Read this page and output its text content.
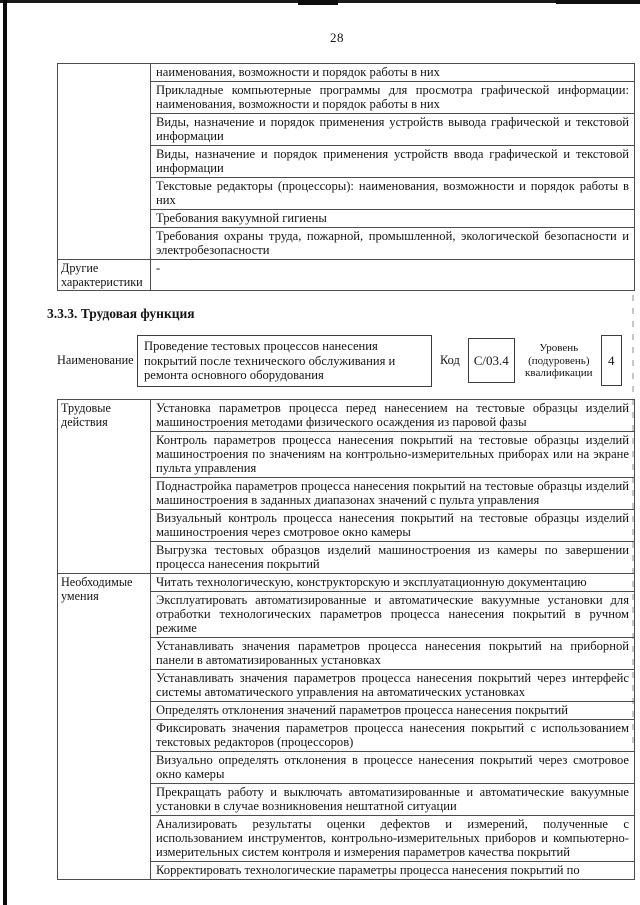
28
	наименования, возможности и порядок работы в них
	Прикладные компьютерные программы для просмотра графической информации: наименования, возможности и порядок работы в них
	Виды, назначение и порядок применения устройств вывода графической и текстовой информации
	Виды, назначение и порядок применения устройств ввода графической и текстовой информации
	Текстовые редакторы (процессоры): наименования, возможности и порядок работы в них
	Требования вакуумной гигиены
	Требования охраны труда, пожарной, промышленной, экологической безопасности и электробезопасности
Другие характеристики	-
3.3.3. Трудовая функция
Наименование
Проведение тестовых процессов нанесения покрытий после технического обслуживания и ремонта основного оборудования
Код	С/03.4
Уровень (подуровень) квалификации
4
Трудовые действия	Установка параметров процесса перед нанесением на тестовые образцы изделий машиностроения методами физического осаждения из паровой фазы
	Контроль параметров процесса нанесения покрытий на тестовые образцы изделий машиностроения по значениям на контрольно-измерительных приборах или на экране пульта управления
	Поднастройка параметров процесса нанесения покрытий на тестовые образцы изделий машиностроения в заданных диапазонах значений с пульта управления
	Визуальный контроль процесса нанесения покрытий на тестовые образцы изделий машиностроения через смотровое окно камеры
	Выгрузка тестовых образцов изделий машиностроения из камеры по завершении процесса нанесения покрытий
Необходимые умения	Читать технологическую, конструкторскую и эксплуатационную документацию
	Эксплуатировать автоматизированные и автоматические вакуумные установки для отработки технологических параметров процесса нанесения покрытий в ручном режиме
	Устанавливать значения параметров процесса нанесения покрытий на приборной панели в автоматизированных установках
	Устанавливать значения параметров процесса нанесения покрытий через интерфейс системы автоматического управления на автоматических установках
	Определять отклонения значений параметров процесса нанесения покрытий
	Фиксировать значения параметров процесса нанесения покрытий с использованием текстовых редакторов (процессоров)
	Визуально определять отклонения в процессе нанесения покрытий через смотровое окно камеры
	Прекращать работу и выключать автоматизированные и автоматические вакуумные установки в случае возникновения нештатной ситуации
	Анализировать результаты оценки дефектов и измерений, полученные с использованием инструментов, контрольно-измерительных приборов и компьютерно-измерительных систем контроля и измерения параметров качества покрытий
	Корректировать технологические параметры процесса нанесения покрытий по
